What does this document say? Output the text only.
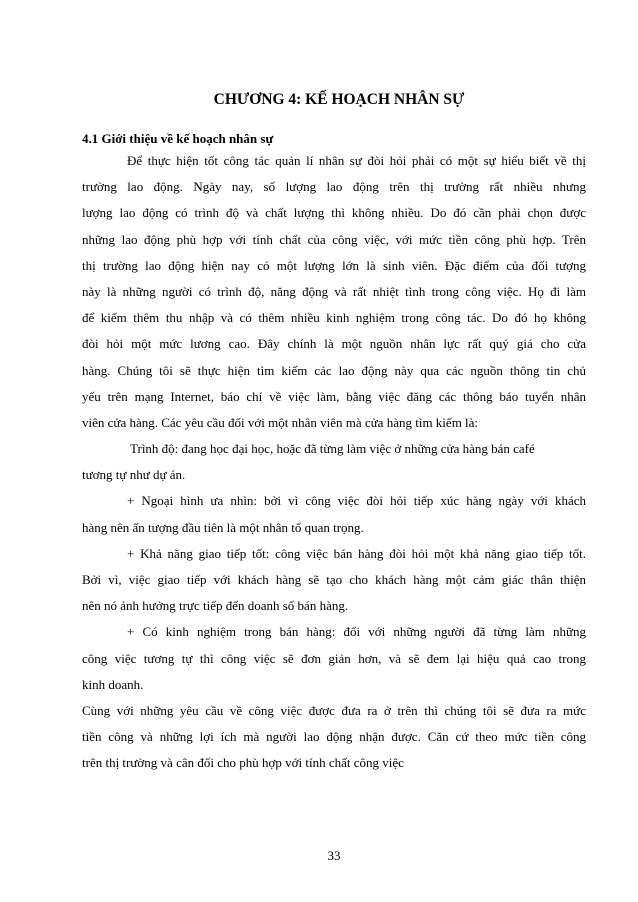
CHƯƠNG 4: KẾ HOẠCH NHÂN SỰ
4.1 Giới thiệu về kế hoạch nhân sự
Để thực hiện tốt công tác quản lí nhân sự đòi hỏi phải có một sự hiểu biết về thị
trường lao động. Ngày nay, số lượng lao động trên thị trường rất nhiều nhưng
lượng lao động có trình độ và chất lượng thì không nhiều. Do đó cần phải chọn được
những lao động phù hợp với tính chất của công việc, với mức tiền công phù hợp. Trên
thị trường lao động hiện nay có một lượng lớn là sinh viên. Đặc điểm của đối tượng
này là những người có trình độ, năng động và rất nhiệt tình trong công việc. Họ đi làm
để kiếm thêm thu nhập và có thêm nhiều kinh nghiệm trong công tác. Do đó họ không
đòi hỏi một mức lương cao. Đây chính là một nguồn nhân lực rất quý giá cho cửa
hàng. Chúng tôi sẽ thực hiện tìm kiếm các lao động này qua các nguồn thông tin chủ
yếu trên mạng Internet, báo chí về việc làm, bằng việc đăng các thông báo tuyển nhân
viên cửa hàng. Các yêu cầu đối với một nhân viên mà cửa hàng tìm kiếm là:
Trình độ: đang học đại học, hoặc đã từng làm việc ở những cửa hàng bán café
tương tự như dự án.
+ Ngoại hình ưa nhìn: bởi vì công việc đòi hỏi tiếp xúc hàng ngày với khách
hàng nên ấn tượng đầu tiên là một nhân tố quan trọng.
+ Khả năng giao tiếp tốt: công việc bán hàng đòi hỏi một khả năng giao tiếp tốt.
Bởi vì, việc giao tiếp với khách hàng sẽ tạo cho khách hàng một cảm giác thân thiện
nên nó ảnh hưởng trực tiếp đến doanh số bán hàng.
+ Có kinh nghiệm trong bán hàng: đối với những người đã từng làm những
công việc tương tự thì công việc sẽ đơn giản hơn, và sẽ đem lại hiệu quả cao trong
kinh doanh.
Cùng với những yêu cầu về công việc được đưa ra ở trên thì chúng tôi sẽ đưa ra mức
tiền công và những lợi ích mà người lao động nhận được. Căn cứ theo mức tiền công
trên thị trường và cân đối cho phù hợp với tính chất công việc
33
